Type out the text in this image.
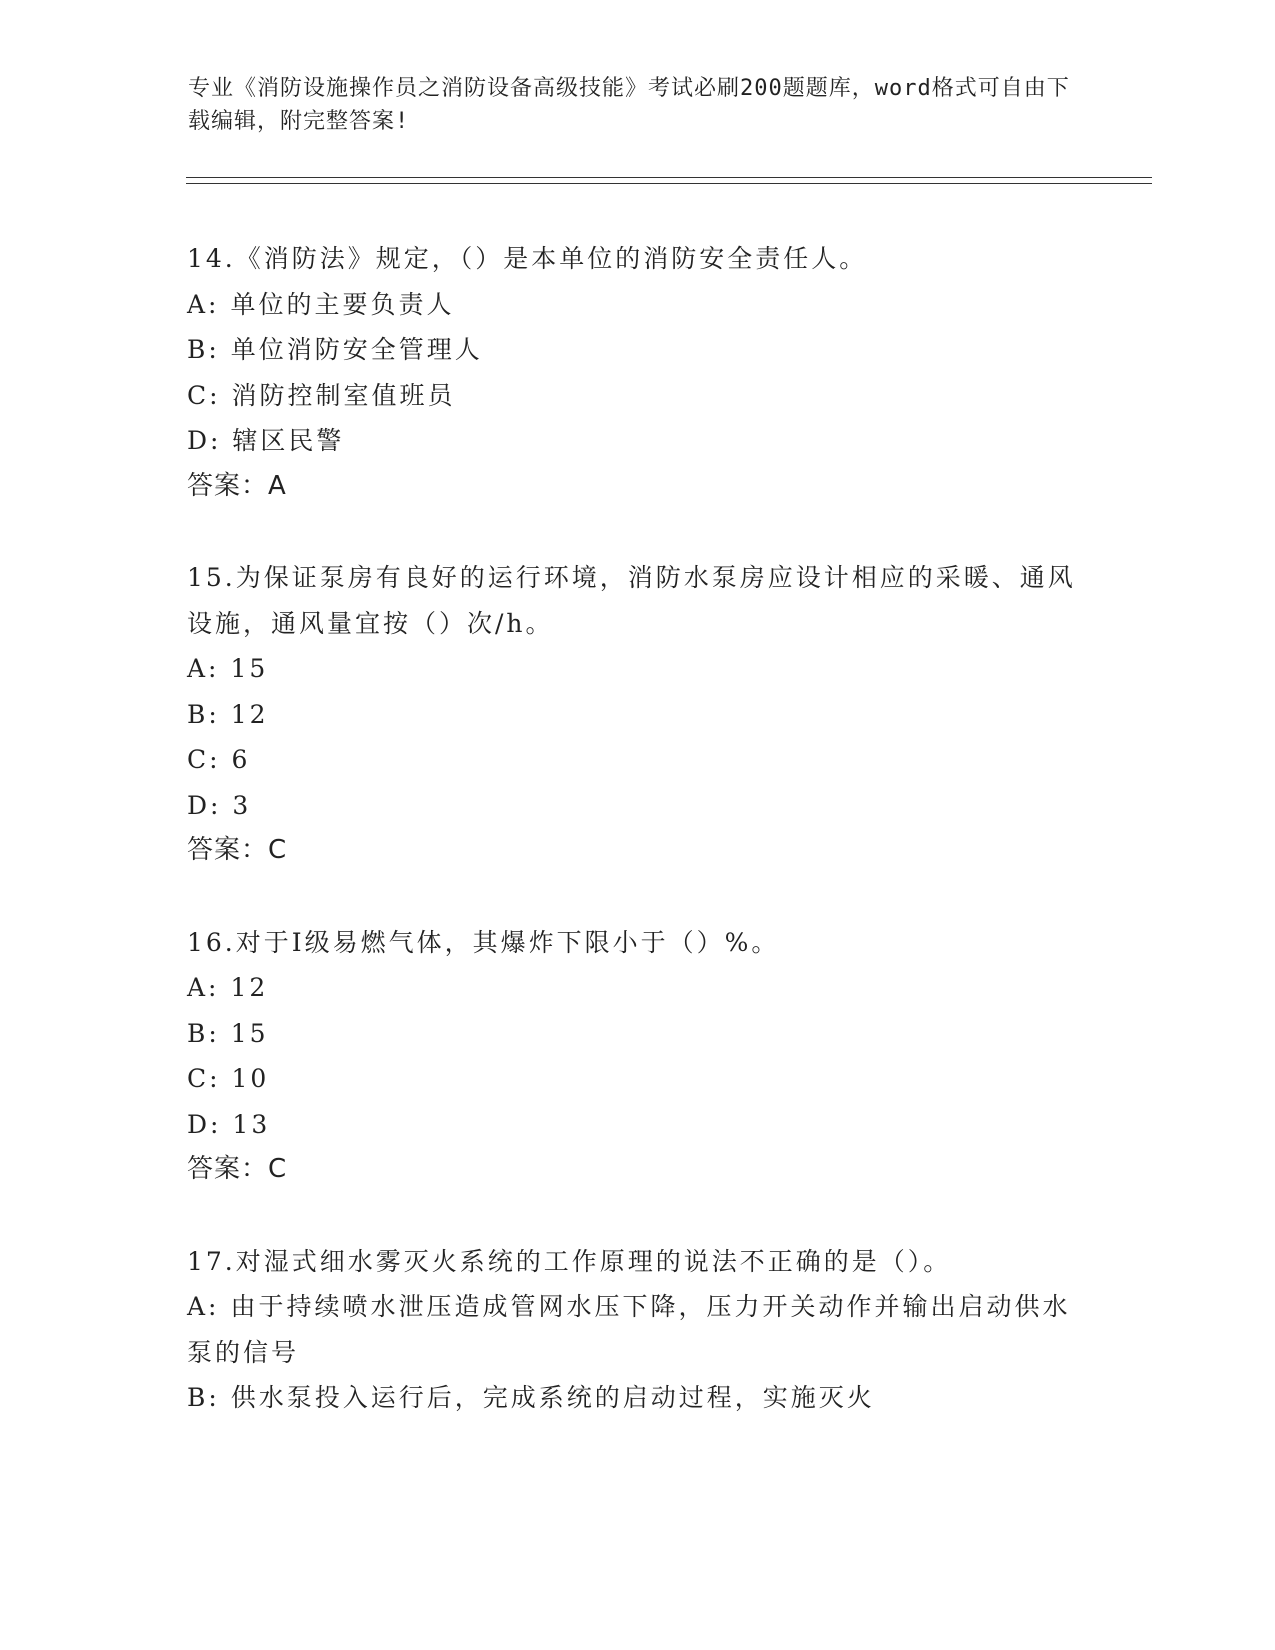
专业《消防设施操作员之消防设备高级技能》考试必刷200题题库，word格式可自由下载编辑，附完整答案!
14.《消防法》规定，（）是本单位的消防安全责任人。
A: 单位的主要负责人
B: 单位消防安全管理人
C: 消防控制室值班员
D: 辖区民警
答案：A
15.为保证泵房有良好的运行环境，消防水泵房应设计相应的采暖、通风设施，通风量宜按（）次/h。
A: 15
B: 12
C: 6
D: 3
答案：C
16.对于Ⅰ级易燃气体，其爆炸下限小于（）%。
A: 12
B: 15
C: 10
D: 13
答案：C
17.对湿式细水雾灭火系统的工作原理的说法不正确的是（）。
A: 由于持续喷水泄压造成管网水压下降，压力开关动作并输出启动供水泵的信号
B: 供水泵投入运行后，完成系统的启动过程，实施灭火
